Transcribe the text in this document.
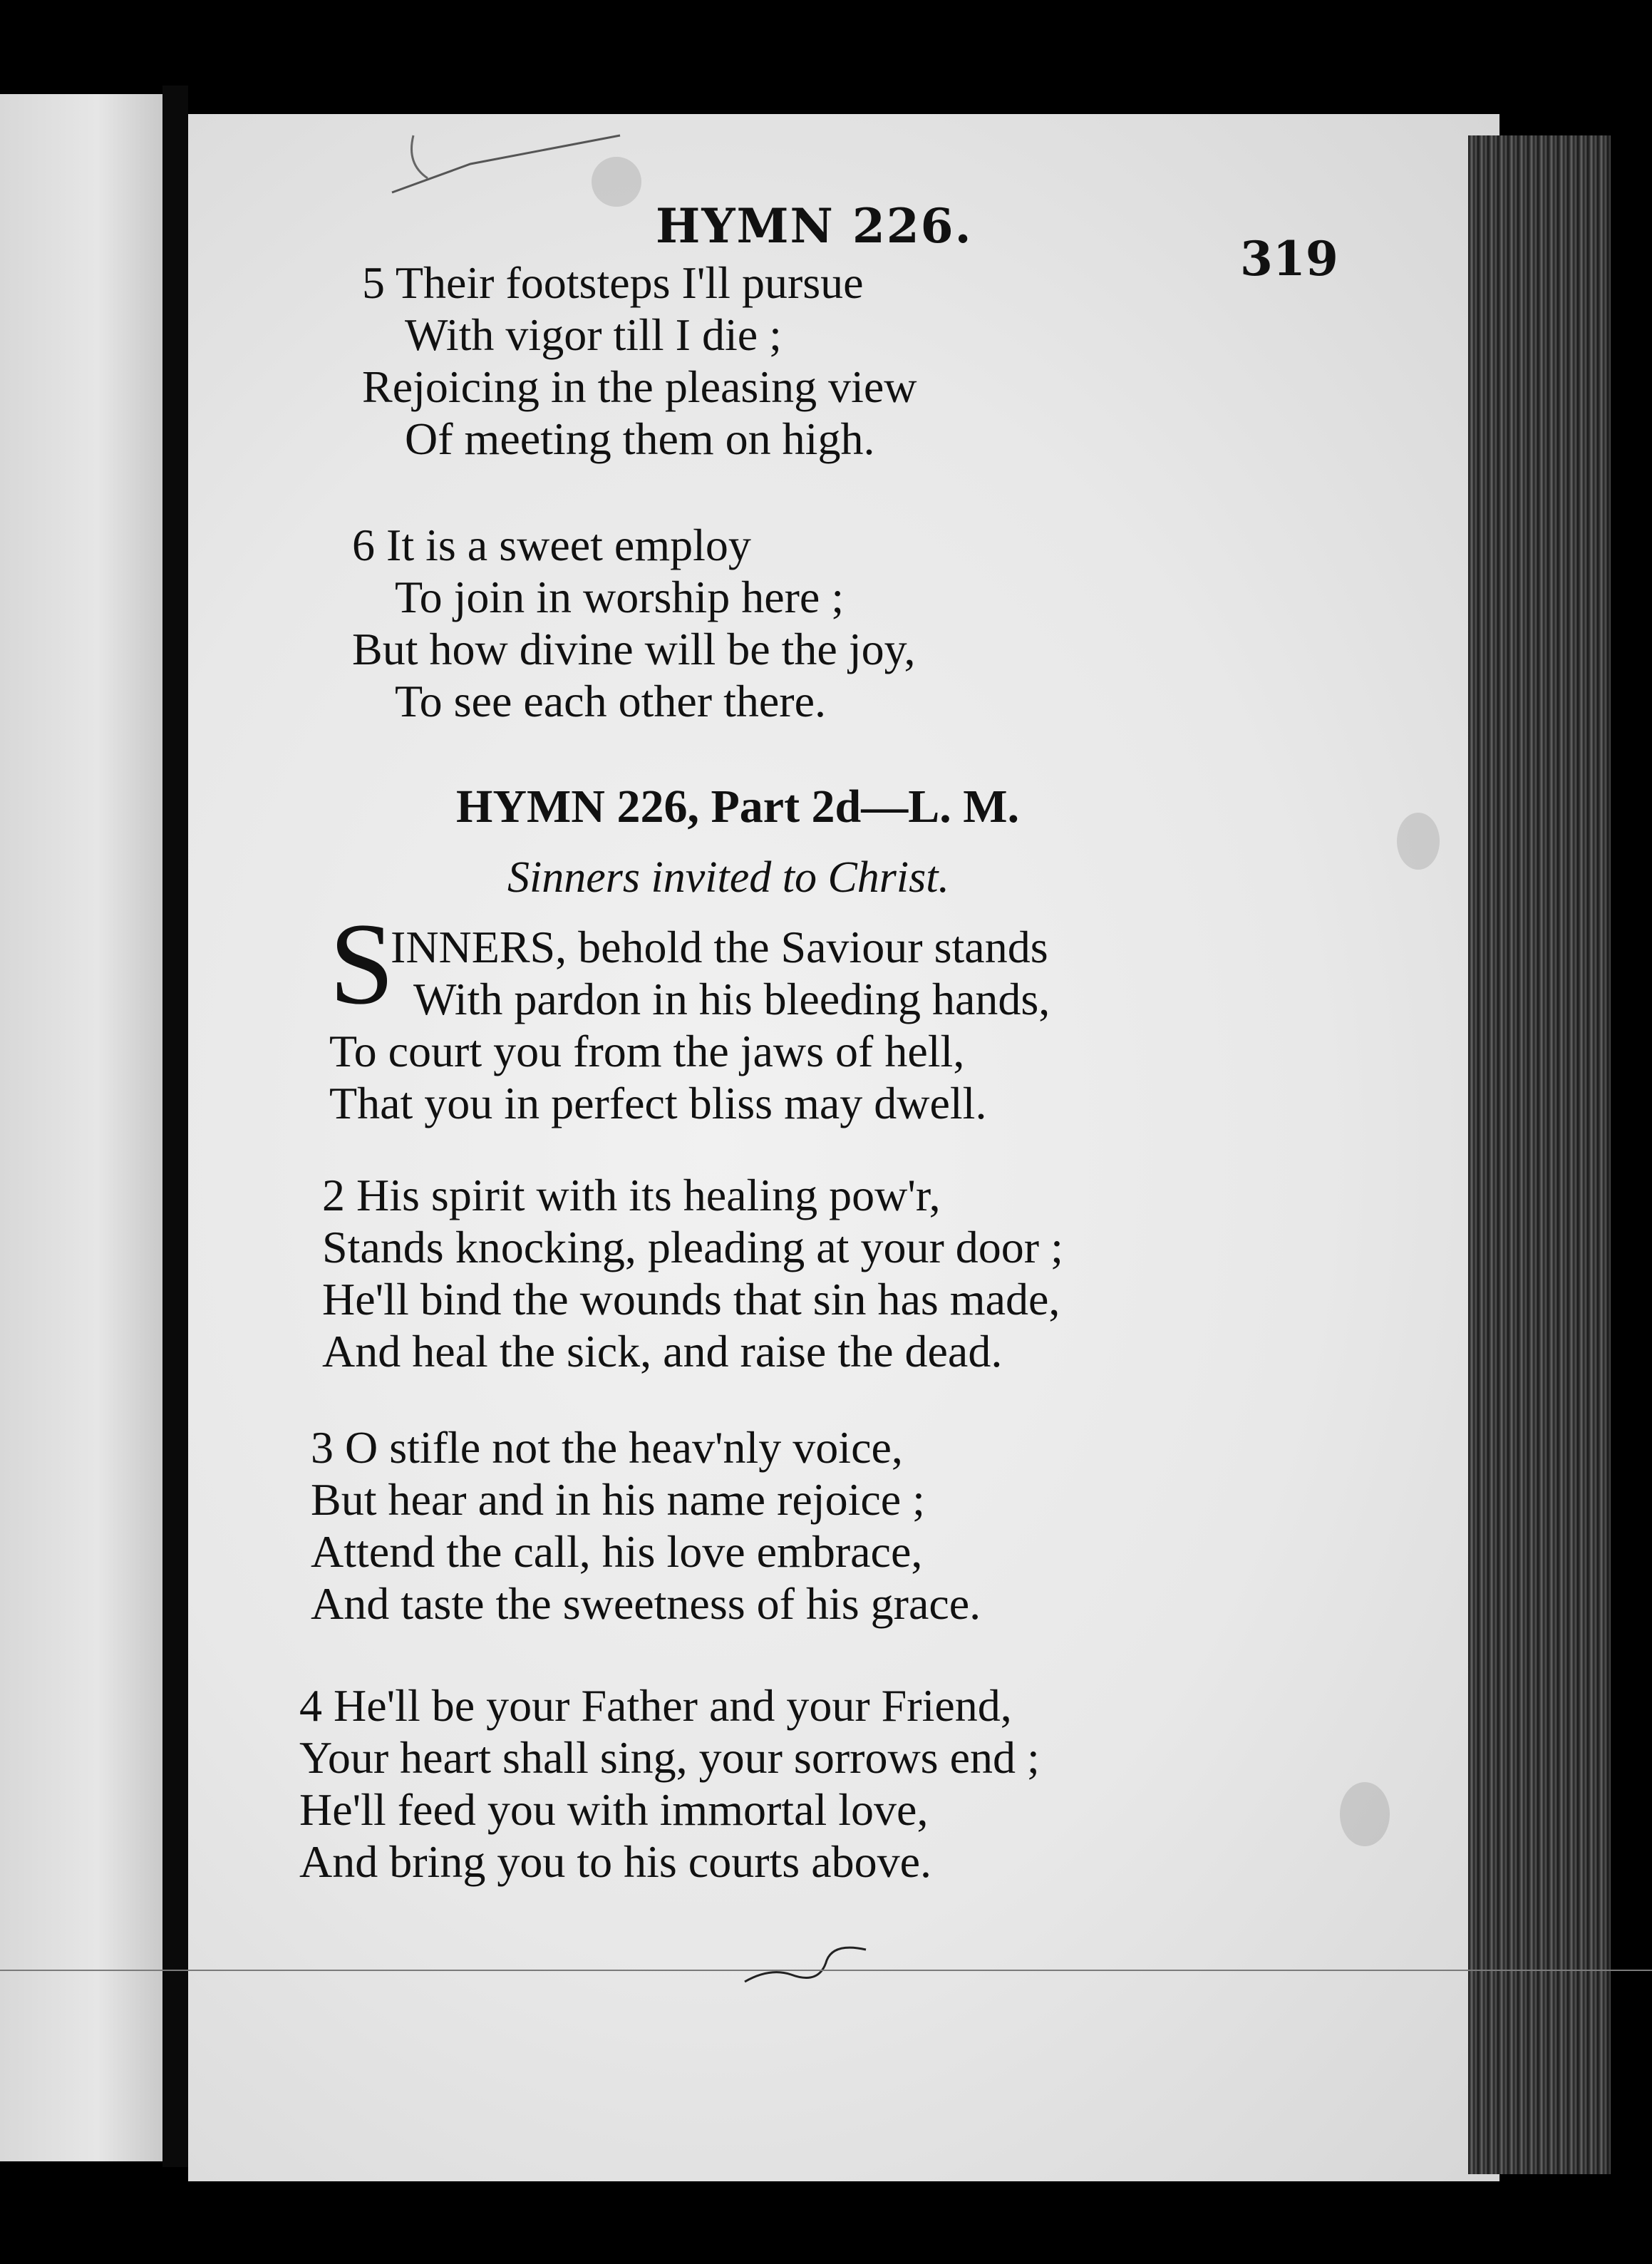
HYMN 226.
319
5 Their footsteps I'll pursue
With vigor till I die ;
Rejoicing in the pleasing view
Of meeting them on high.
6 It is a sweet employ
To join in worship here ;
But how divine will be the joy,
To see each other there.
HYMN 226, Part 2d—L. M.
Sinners invited to Christ.
S
INNERS, behold the Saviour stands
With pardon in his bleeding hands,
To court you from the jaws of hell,
That you in perfect bliss may dwell.
2 His spirit with its healing pow'r,
Stands knocking, pleading at your door ;
He'll bind the wounds that sin has made,
And heal the sick, and raise the dead.
3 O stifle not the heav'nly voice,
But hear and in his name rejoice ;
Attend the call, his love embrace,
And taste the sweetness of his grace.
4 He'll be your Father and your Friend,
Your heart shall sing, your sorrows end ;
He'll feed you with immortal love,
And bring you to his courts above.
